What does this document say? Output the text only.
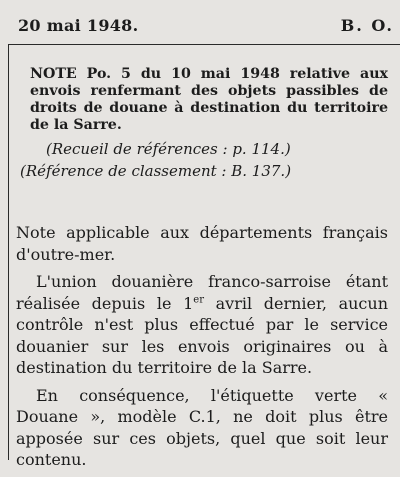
20 mai 1948.	B. O.
NOTE Po. 5 du 10 mai 1948 relative aux envois renfermant des objets passibles de droits de douane à destination du territoire de la Sarre.
(Recueil de références : p. 114.)
(Référence de classement : B. 137.)

Note applicable aux départements français d'outre-mer.

L'union douanière franco-sarroise étant réalisée depuis le 1er avril dernier, aucun contrôle n'est plus effectué par le service douanier sur les envois originaires ou à destination du territoire de la Sarre.

En conséquence, l'étiquette verte « Douane », modèle C.1, ne doit plus être apposée sur ces objets, quel que soit leur contenu.
